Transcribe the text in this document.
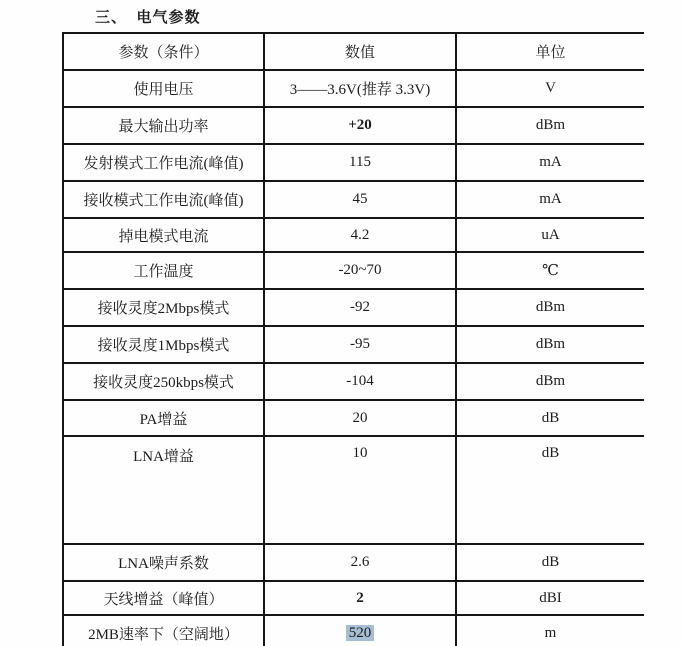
三、  电气参数
参数（条件）	数值	单位
使用电压	3——3.6V(推荐 3.3V)	V
最大输出功率	+20	dBm
发射模式工作电流(峰值)	115	mA
接收模式工作电流(峰值)	45	mA
掉电模式电流	4.2	uA
工作温度	-20~70	℃
接收灵度2Mbps模式	-92	dBm
接收灵度1Mbps模式	-95	dBm
接收灵度250kbps模式	-104	dBm
PA增益	20	dB
LNA增益	10	dB
LNA噪声系数	2.6	dB
天线增益（峰值）	2	dBI
2MB速率下（空阔地）	520	m
